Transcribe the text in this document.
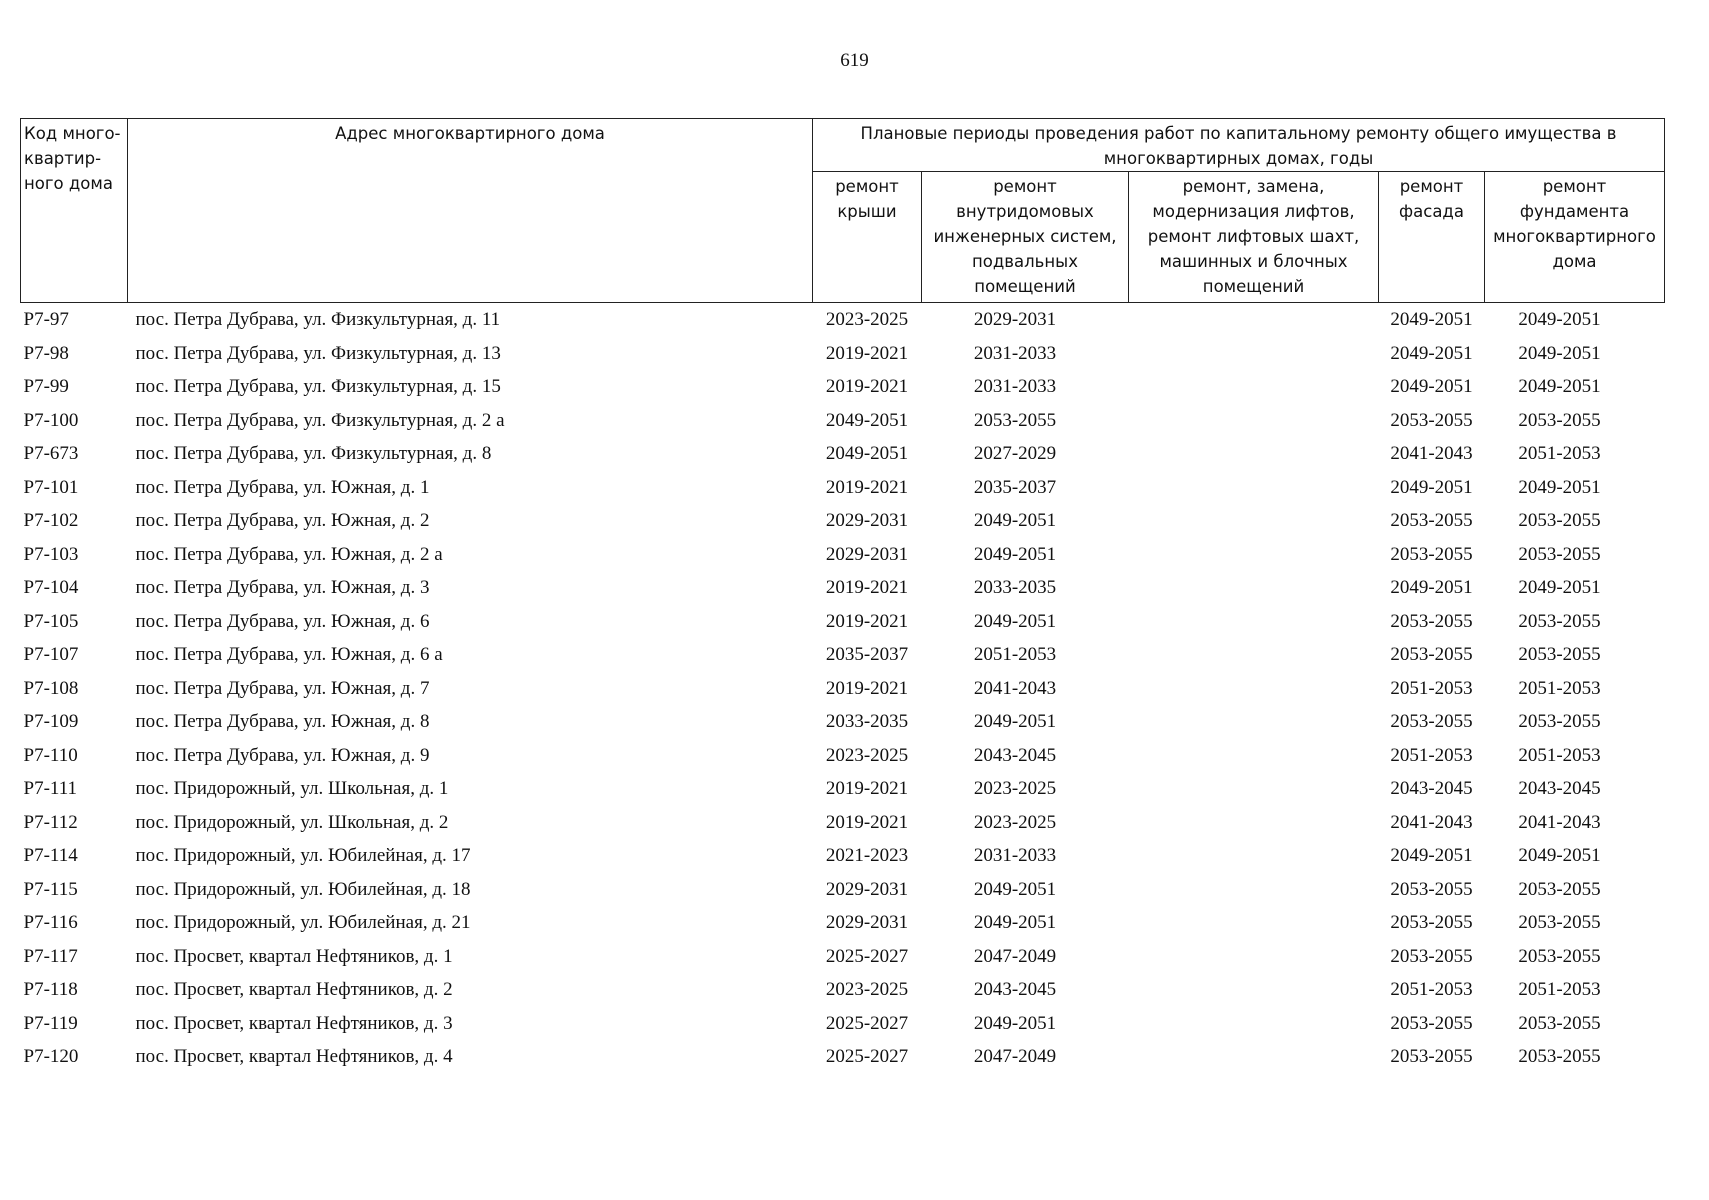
619
Код много-квартир-ного дома	Адрес многоквартирного дома	Плановые периоды проведения работ по капитальному ремонту общего имущества в многоквартирных домах, годы				
		ремонт крыши	ремонт внутридомовых инженерных систем, подвальных помещений	ремонт, замена, модернизация лифтов, ремонт лифтовых шахт, машинных и блочных помещений	ремонт фасада	ремонт фундамента многоквартирного дома
Р7-97	пос. Петра Дубрава, ул. Физкультурная, д. 11	2023-2025	2029-2031		2049-2051	2049-2051
Р7-98	пос. Петра Дубрава, ул. Физкультурная, д. 13	2019-2021	2031-2033		2049-2051	2049-2051
Р7-99	пос. Петра Дубрава, ул. Физкультурная, д. 15	2019-2021	2031-2033		2049-2051	2049-2051
Р7-100	пос. Петра Дубрава, ул. Физкультурная, д. 2 а	2049-2051	2053-2055		2053-2055	2053-2055
Р7-673	пос. Петра Дубрава, ул. Физкультурная, д. 8	2049-2051	2027-2029		2041-2043	2051-2053
Р7-101	пос. Петра Дубрава, ул. Южная, д. 1	2019-2021	2035-2037		2049-2051	2049-2051
Р7-102	пос. Петра Дубрава, ул. Южная, д. 2	2029-2031	2049-2051		2053-2055	2053-2055
Р7-103	пос. Петра Дубрава, ул. Южная, д. 2 а	2029-2031	2049-2051		2053-2055	2053-2055
Р7-104	пос. Петра Дубрава, ул. Южная, д. 3	2019-2021	2033-2035		2049-2051	2049-2051
Р7-105	пос. Петра Дубрава, ул. Южная, д. 6	2019-2021	2049-2051		2053-2055	2053-2055
Р7-107	пос. Петра Дубрава, ул. Южная, д. 6 а	2035-2037	2051-2053		2053-2055	2053-2055
Р7-108	пос. Петра Дубрава, ул. Южная, д. 7	2019-2021	2041-2043		2051-2053	2051-2053
Р7-109	пос. Петра Дубрава, ул. Южная, д. 8	2033-2035	2049-2051		2053-2055	2053-2055
Р7-110	пос. Петра Дубрава, ул. Южная, д. 9	2023-2025	2043-2045		2051-2053	2051-2053
Р7-111	пос. Придорожный, ул. Школьная, д. 1	2019-2021	2023-2025		2043-2045	2043-2045
Р7-112	пос. Придорожный, ул. Школьная, д. 2	2019-2021	2023-2025		2041-2043	2041-2043
Р7-114	пос. Придорожный, ул. Юбилейная, д. 17	2021-2023	2031-2033		2049-2051	2049-2051
Р7-115	пос. Придорожный, ул. Юбилейная, д. 18	2029-2031	2049-2051		2053-2055	2053-2055
Р7-116	пос. Придорожный, ул. Юбилейная, д. 21	2029-2031	2049-2051		2053-2055	2053-2055
Р7-117	пос. Просвет, квартал Нефтяников, д. 1	2025-2027	2047-2049		2053-2055	2053-2055
Р7-118	пос. Просвет, квартал Нефтяников, д. 2	2023-2025	2043-2045		2051-2053	2051-2053
Р7-119	пос. Просвет, квартал Нефтяников, д. 3	2025-2027	2049-2051		2053-2055	2053-2055
Р7-120	пос. Просвет, квартал Нефтяников, д. 4	2025-2027	2047-2049		2053-2055	2053-2055
